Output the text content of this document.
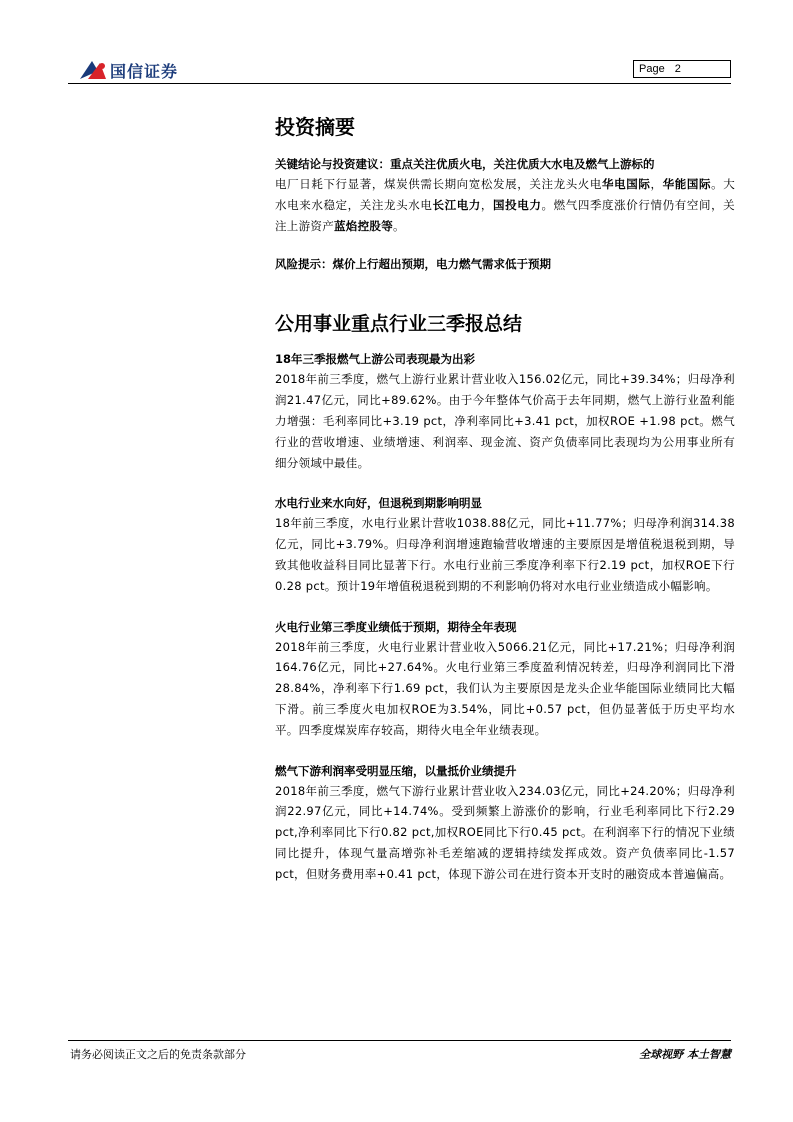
国信证券	Page 2

投资摘要

关键结论与投资建议：重点关注优质火电，关注优质大水电及燃气上游标的

电厂日耗下行显著，煤炭供需长期向宽松发展，关注龙头火电华电国际，华能国际。大水电来水稳定，关注龙头水电长江电力，国投电力。燃气四季度涨价行情仍有空间，关注上游资产蓝焰控股等。

风险提示：煤价上行超出预期，电力燃气需求低于预期

公用事业重点行业三季报总结

18年三季报燃气上游公司表现最为出彩

2018年前三季度，燃气上游行业累计营业收入156.02亿元，同比+39.34%；归母净利润21.47亿元，同比+89.62%。由于今年整体气价高于去年同期，燃气上游行业盈利能力增强：毛利率同比+3.19 pct，净利率同比+3.41 pct，加权ROE +1.98 pct。燃气行业的营收增速、业绩增速、利润率、现金流、资产负债率同比表现均为公用事业所有细分领域中最佳。

水电行业来水向好，但退税到期影响明显

18年前三季度，水电行业累计营收1038.88亿元，同比+11.77%；归母净利润314.38亿元，同比+3.79%。归母净利润增速跑输营收增速的主要原因是增值税退税到期，导致其他收益科目同比显著下行。水电行业前三季度净利率下行2.19 pct，加权ROE下行0.28 pct。预计19年增值税退税到期的不利影响仍将对水电行业业绩造成小幅影响。

火电行业第三季度业绩低于预期，期待全年表现

2018年前三季度，火电行业累计营业收入5066.21亿元，同比+17.21%；归母净利润164.76亿元，同比+27.64%。火电行业第三季度盈利情况转差，归母净利润同比下滑28.84%，净利率下行1.69 pct，我们认为主要原因是龙头企业华能国际业绩同比大幅下滑。前三季度火电加权ROE为3.54%，同比+0.57 pct，但仍显著低于历史平均水平。四季度煤炭库存较高，期待火电全年业绩表现。

燃气下游利润率受明显压缩，以量抵价业绩提升

2018年前三季度，燃气下游行业累计营业收入234.03亿元，同比+24.20%；归母净利润22.97亿元，同比+14.74%。受到频繁上游涨价的影响，行业毛利率同比下行2.29 pct,净利率同比下行0.82 pct,加权ROE同比下行0.45 pct。在利润率下行的情况下业绩同比提升，体现气量高增弥补毛差缩减的逻辑持续发挥成效。资产负债率同比-1.57 pct，但财务费用率+0.41 pct，体现下游公司在进行资本开支时的融资成本普遍偏高。

请务必阅读正文之后的免责条款部分	全球视野 本土智慧
